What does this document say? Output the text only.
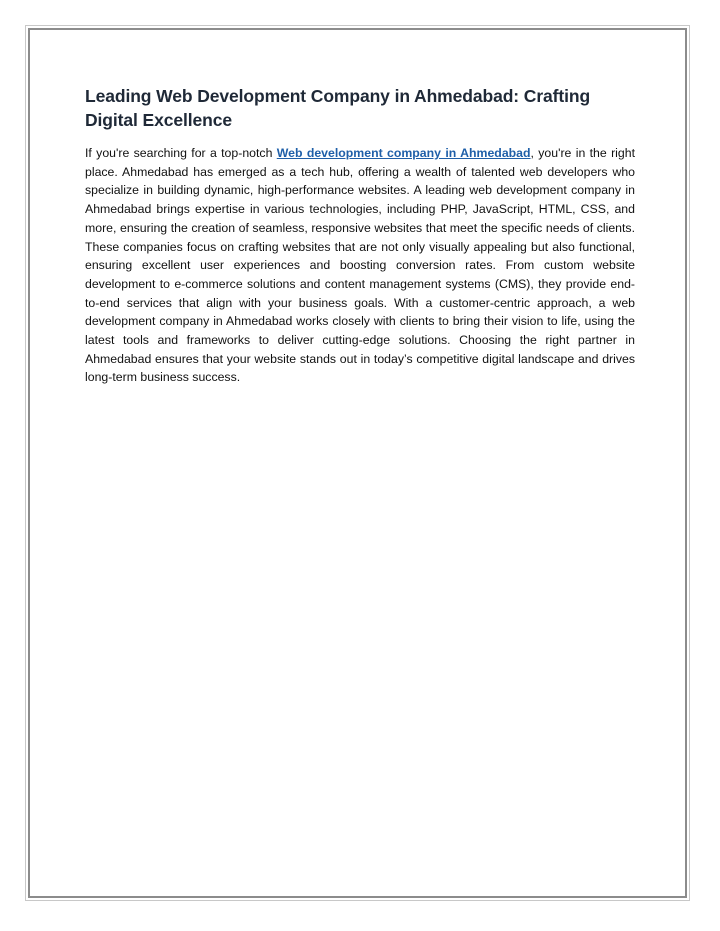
Leading Web Development Company in Ahmedabad: Crafting Digital Excellence

If you're searching for a top-notch Web development company in Ahmedabad, you're in the right place. Ahmedabad has emerged as a tech hub, offering a wealth of talented web developers who specialize in building dynamic, high-performance websites. A leading web development company in Ahmedabad brings expertise in various technologies, including PHP, JavaScript, HTML, CSS, and more, ensuring the creation of seamless, responsive websites that meet the specific needs of clients. These companies focus on crafting websites that are not only visually appealing but also functional, ensuring excellent user experiences and boosting conversion rates. From custom website development to e-commerce solutions and content management systems (CMS), they provide end-to-end services that align with your business goals. With a customer-centric approach, a web development company in Ahmedabad works closely with clients to bring their vision to life, using the latest tools and frameworks to deliver cutting-edge solutions. Choosing the right partner in Ahmedabad ensures that your website stands out in today’s competitive digital landscape and drives long-term business success.
